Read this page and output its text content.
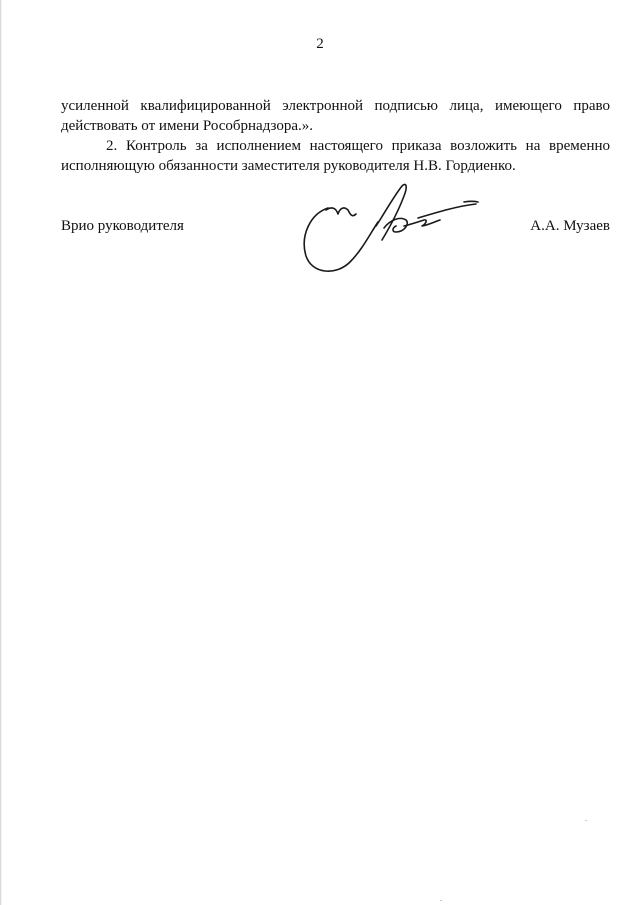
2

усиленной квалифицированной электронной подписью лица, имеющего право
действовать от имени Рособрнадзора.».

2. Контроль за исполнением настоящего приказа возложить на временно
исполняющую обязанности заместителя руководителя Н.В. Гордиенко.

Врио руководителя	А.А. Музаев
